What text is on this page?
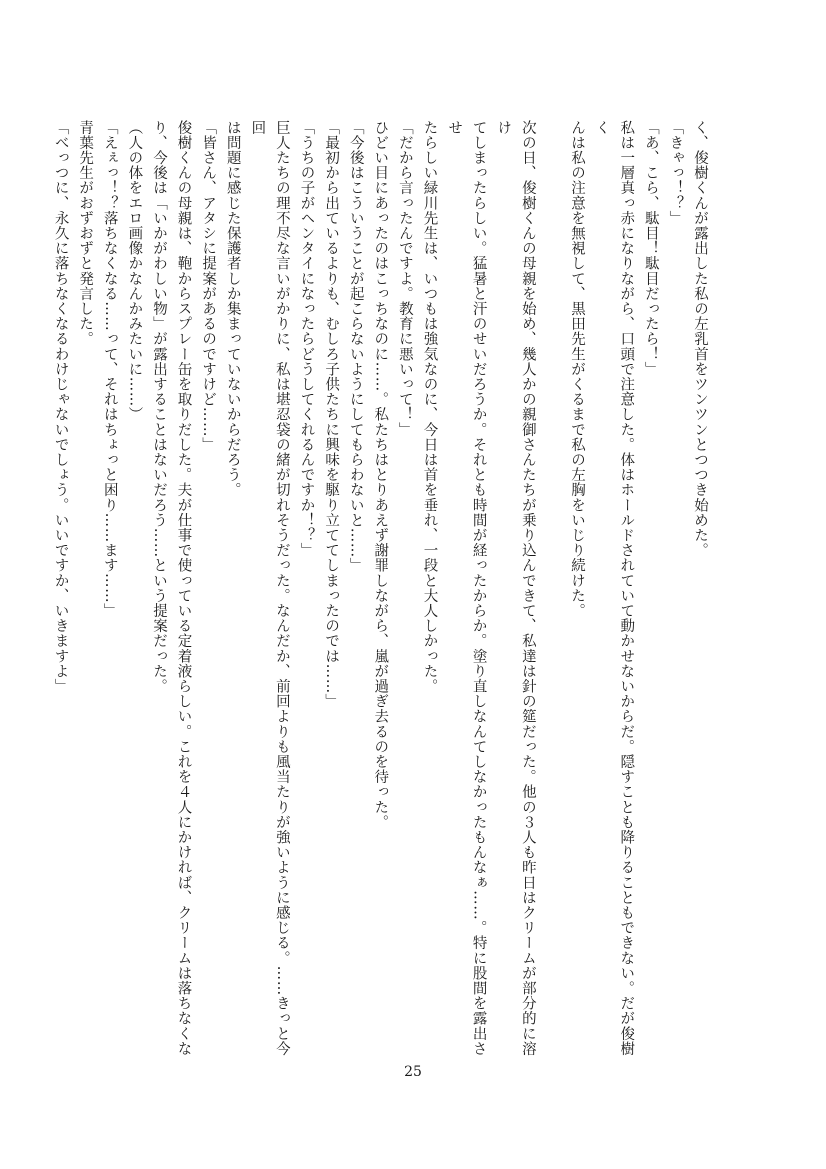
く、俊樹くんが露出した私の左乳首をツンツンとつつき始めた。

「きゃっ！？」

「あ、こら、駄目！駄目だったら！」

私は一層真っ赤になりながら、口頭で注意した。体はホールドされていて動かせないからだ。隠すことも降りることもできない。だが俊樹く

んは私の注意を無視して、黒田先生がくるまで私の左胸をいじり続けた。

次の日、俊樹くんの母親を始め、幾人かの親御さんたちが乗り込んできて、私達は針の筵だった。他の３人も昨日はクリームが部分的に溶け

てしまったらしい。猛暑と汗のせいだろうか。それとも時間が経ったからか。塗り直しなんてしなかったもんなぁ……。特に股間を露出させ

たらしい緑川先生は、いつもは強気なのに、今日は首を垂れ、一段と大人しかった。

「だから言ったんですよ。教育に悪いって！」

ひどい目にあったのはこっちなのに……。私たちはとりあえず謝罪しながら、嵐が過ぎ去るのを待った。

「今後はこういうことが起こらないようにしてもらわないと……」

「最初から出ているよりも、むしろ子供たちに興味を駆り立ててしまったのでは……」

「うちの子がヘンタイになったらどうしてくれるんですか！？」

巨人たちの理不尽な言いがかりに、私は堪忍袋の緒が切れそうだった。なんだか、前回よりも風当たりが強いように感じる。……きっと今回

は問題に感じた保護者しか集まっていないからだろう。

「皆さん、アタシに提案があるのですけど……」

俊樹くんの母親は、鞄からスプレー缶を取りだした。夫が仕事で使っている定着液らしい。これを４人にかければ、クリームは落ちなくな

り、今後は「いかがわしい物」が露出することはないだろう……という提案だった。

（人の体をエロ画像かなんかみたいに……）

「えぇっ！？落ちなくなる……って、それはちょっと困り……ます……」

青葉先生がおずおずと発言した。

「べっつに、永久に落ちなくなるわけじゃないでしょう。いいですか、いきますよ」

25
